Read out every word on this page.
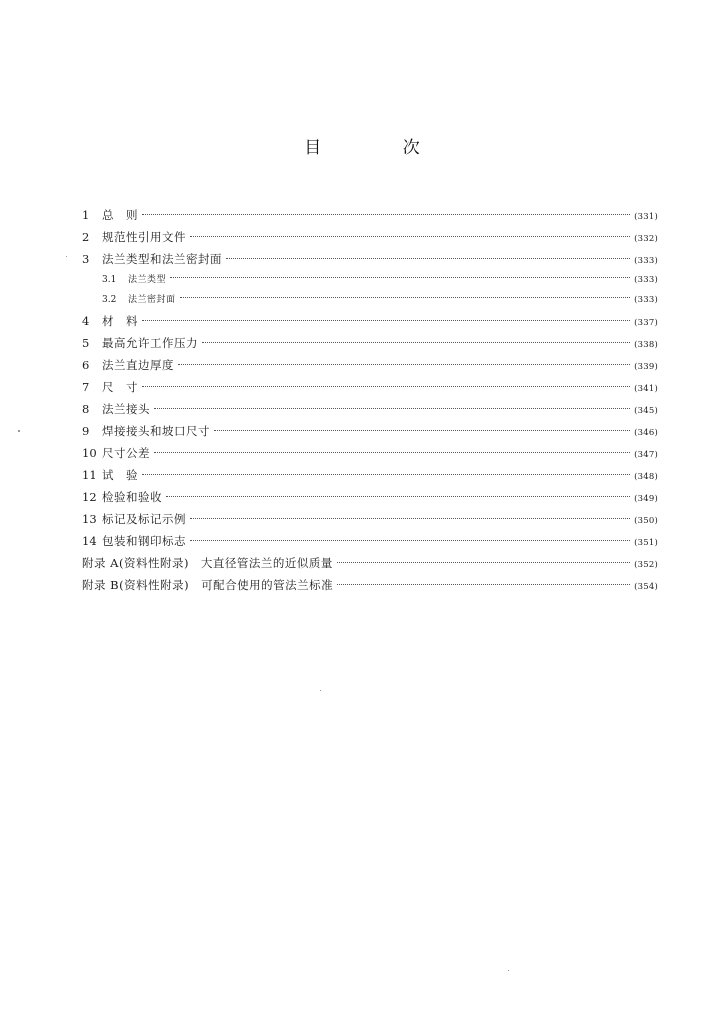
目 次
1	总　则	(331)
2	规范性引用文件	(332)
3	法兰类型和法兰密封面	(333)
3.1	法兰类型	(333)
3.2	法兰密封面	(333)
4	材　料	(337)
5	最高允许工作压力	(338)
6	法兰直边厚度	(339)
7	尺　寸	(341)
8	法兰接头	(345)
9	焊接接头和坡口尺寸	(346)
10 尺寸公差	(347)
11 试　验	(348)
12 检验和验收	(349)
13 标记及标记示例	(350)
14 包装和钢印标志	(351)
附录 A(资料性附录)　大直径管法兰的近似质量	(352)
附录 B(资料性附录)　可配合使用的管法兰标准	(354)
